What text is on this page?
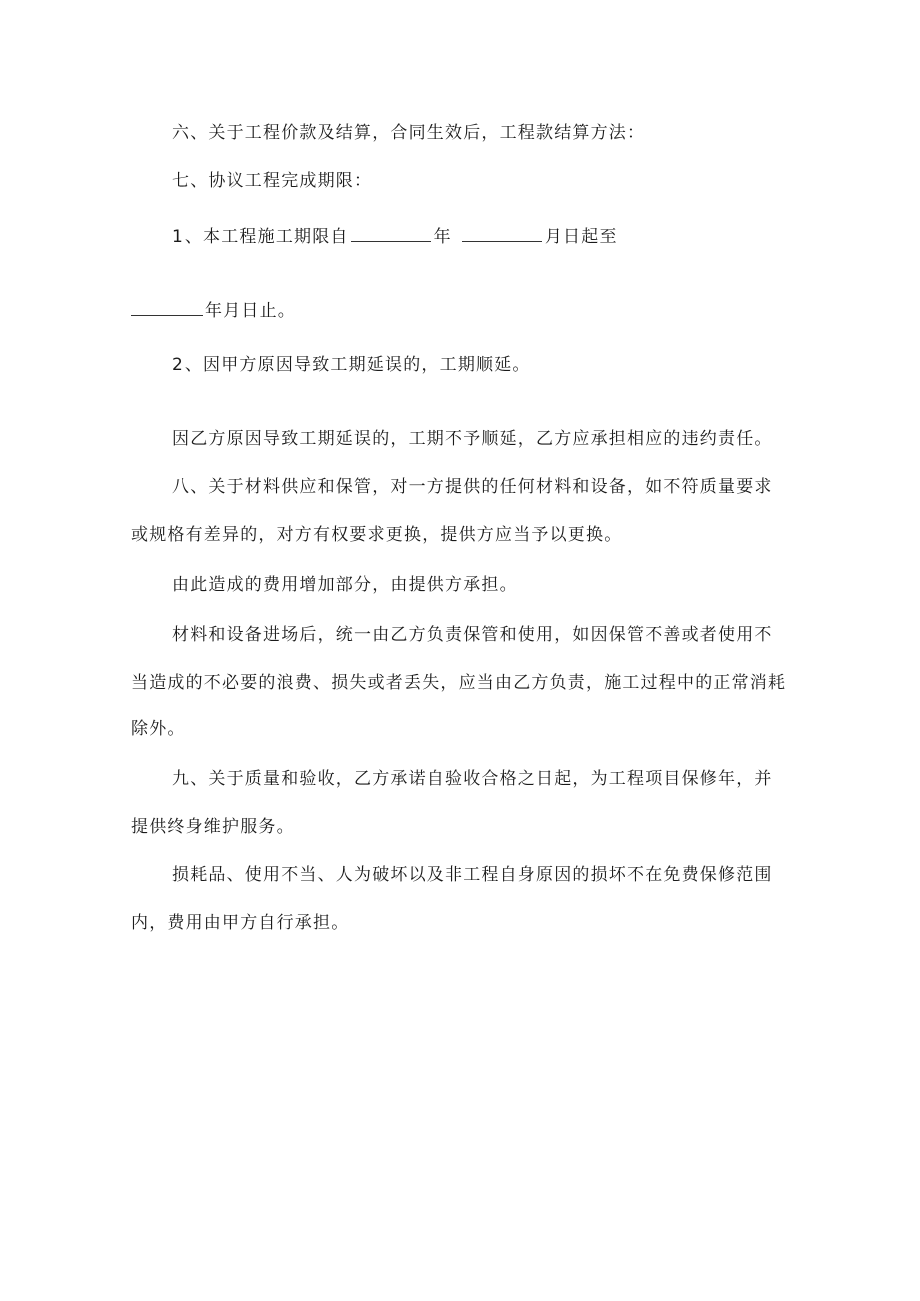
六、关于工程价款及结算，合同生效后，工程款结算方法：
七、协议工程完成期限：
1 、本工程施工期限自	年	月日起至
年月日止。
2 、因甲方原因导致工期延误的，工期顺延。
因乙方原因导致工期延误的，工期不予顺延，乙方应承担相应的违约责任。
八、关于材料供应和保管，对一方提供的任何材料和设备，如不符质量要求
或规格有差异的，对方有权要求更换，提供方应当予以更换。
由此造成的费用增加部分，由提供方承担。
材料和设备进场后，统一由乙方负责保管和使用，如因保管不善或者使用不
当造成的不必要的浪费、损失或者丢失，应当由乙方负责，施工过程中的正常消耗
除外。
九、关于质量和验收，乙方承诺自验收合格之日起，为工程项目保修年，并
提供终身维护服务。
损耗品、使用不当、人为破坏以及非工程自身原因的损坏不在免费保修范围
内，费用由甲方自行承担。
